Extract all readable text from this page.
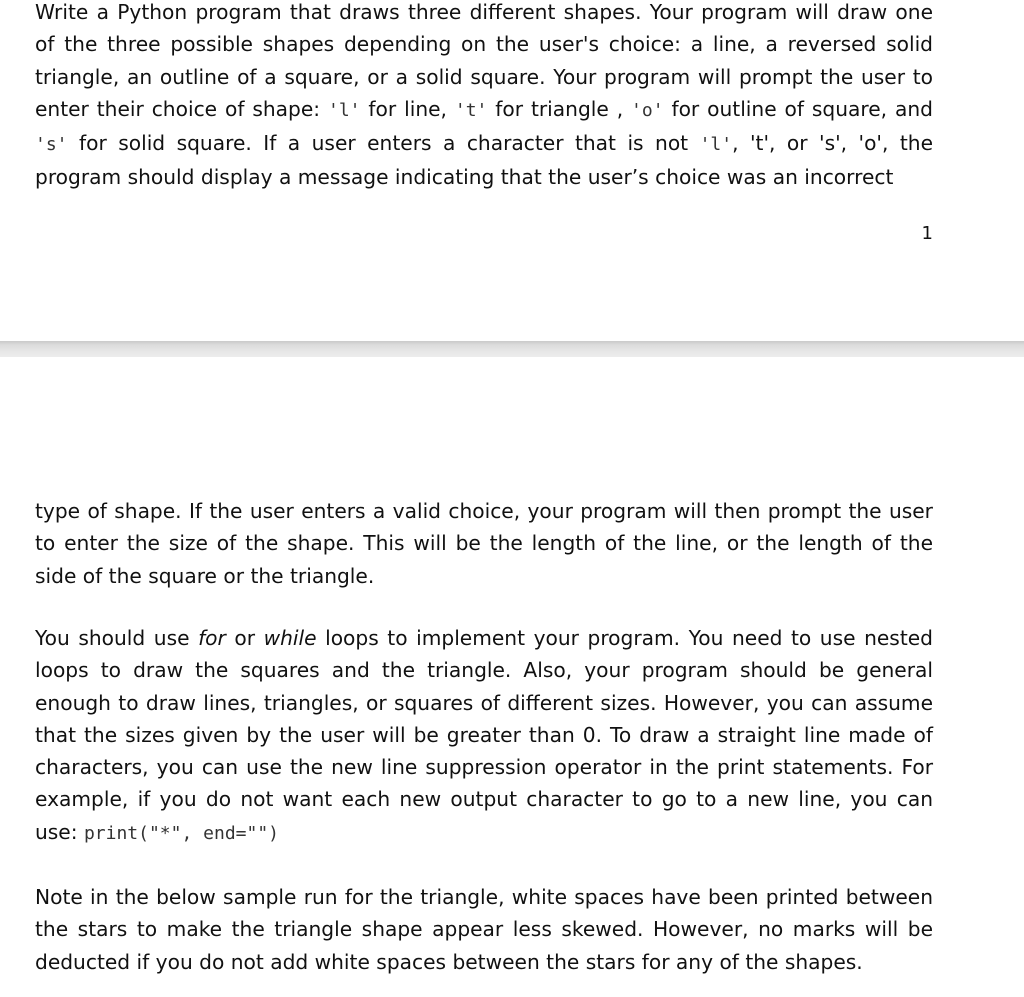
Write a Python program that draws three different shapes. Your program will draw one of the three possible shapes depending on the user's choice: a line, a reversed solid triangle, an outline of a square, or a solid square. Your program will prompt the user to enter their choice of shape: 'l' for line, 't' for triangle , 'o' for outline of square, and 's' for solid square. If a user enters a character that is not 'l', 't', or 's', 'o', the program should display a message indicating that the user’s choice was an incorrect

1

type of shape. If the user enters a valid choice, your program will then prompt the user to enter the size of the shape. This will be the length of the line, or the length of the side of the square or the triangle.

You should use for or while loops to implement your program. You need to use nested loops to draw the squares and the triangle. Also, your program should be general enough to draw lines, triangles, or squares of different sizes. However, you can assume that the sizes given by the user will be greater than 0. To draw a straight line made of characters, you can use the new line suppression operator in the print statements. For example, if you do not want each new output character to go to a new line, you can use: print("*", end="")

Note in the below sample run for the triangle, white spaces have been printed between the stars to make the triangle shape appear less skewed. However, no marks will be deducted if you do not add white spaces between the stars for any of the shapes.
